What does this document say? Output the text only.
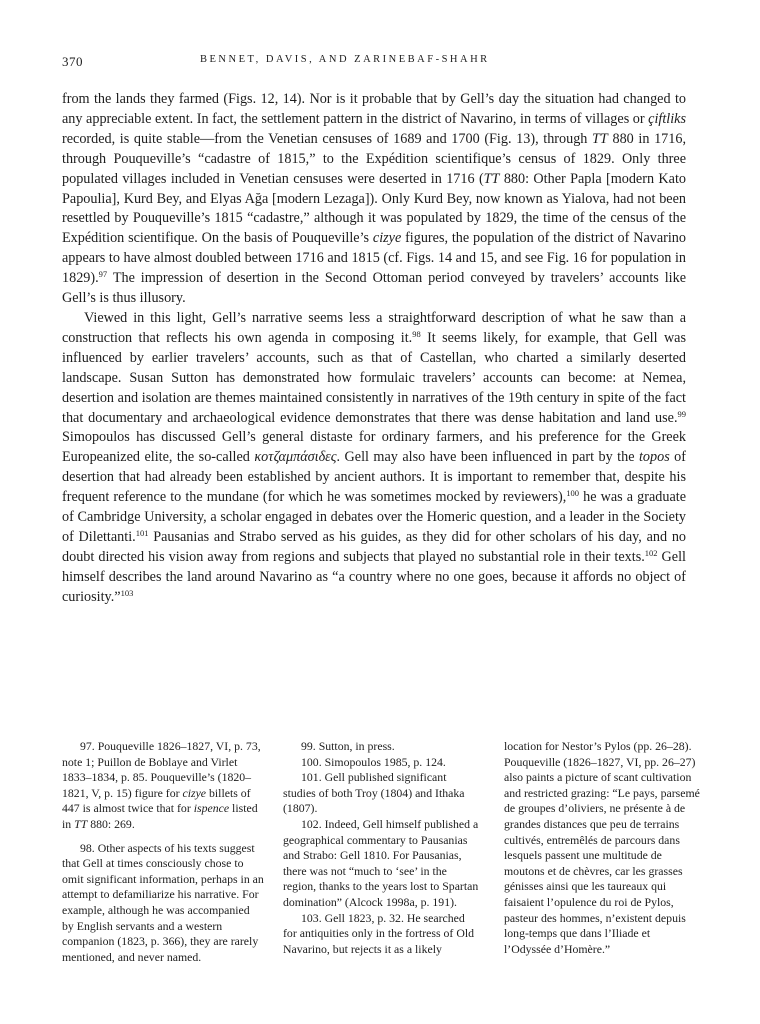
370	BENNET, DAVIS, AND ZARINEBAF-SHAHR

from the lands they farmed (Figs. 12, 14). Nor is it probable that by Gell’s day the situation had changed to any appreciable extent. In fact, the settlement pattern in the district of Navarino, in terms of villages or çiftliks recorded, is quite stable—from the Venetian censuses of 1689 and 1700 (Fig. 13), through TT 880 in 1716, through Pouqueville’s “cadastre of 1815,” to the Expédition scientifique’s census of 1829. Only three populated villages included in Venetian censuses were deserted in 1716 (TT 880: Other Papla [modern Kato Papoulia], Kurd Bey, and Elyas Ağa [modern Lezaga]). Only Kurd Bey, now known as Yialova, had not been resettled by Pouqueville’s 1815 “cadastre,” although it was populated by 1829, the time of the census of the Expédition scientifique. On the basis of Pouqueville’s cizye figures, the population of the district of Navarino appears to have almost doubled between 1716 and 1815 (cf. Figs. 14 and 15, and see Fig. 16 for population in 1829).$^{97}$ The impression of desertion in the Second Ottoman period conveyed by travelers’ accounts like Gell’s is thus illusory.

Viewed in this light, Gell’s narrative seems less a straightforward description of what he saw than a construction that reflects his own agenda in composing it.$^{98}$ It seems likely, for example, that Gell was influenced by earlier travelers’ accounts, such as that of Castellan, who charted a similarly deserted landscape. Susan Sutton has demonstrated how formulaic travelers’ accounts can become: at Nemea, desertion and isolation are themes maintained consistently in narratives of the 19th century in spite of the fact that documentary and archaeological evidence demonstrates that there was dense habitation and land use.$^{99}$ Simopoulos has discussed Gell’s general distaste for ordinary farmers, and his preference for the Greek Europeanized elite, the so-called κοτζαμπάσιδες. Gell may also have been influenced in part by the topos of desertion that had already been established by ancient authors. It is important to remember that, despite his frequent reference to the mundane (for which he was sometimes mocked by reviewers),$^{100}$ he was a graduate of Cambridge University, a scholar engaged in debates over the Homeric question, and a leader in the Society of Dilettanti.$^{101}$ Pausanias and Strabo served as his guides, as they did for other scholars of his day, and no doubt directed his vision away from regions and subjects that played no substantial role in their texts.$^{102}$ Gell himself describes the land around Navarino as “a country where no one goes, because it affords no object of curiosity.”$^{103}$

97. Pouqueville 1826–1827, VI, p. 73, note 1; Puillon de Boblaye and Virlet 1833–1834, p. 85. Pouqueville’s (1820–1821, V, p. 15) figure for cizye billets of 447 is almost twice that for ispence listed in TT 880: 269.

98. Other aspects of his texts suggest that Gell at times consciously chose to omit significant information, perhaps in an attempt to defamiliarize his narrative. For example, although he was accompanied by English servants and a western companion (1823, p. 366), they are rarely mentioned, and never named.

99. Sutton, in press.

100. Simopoulos 1985, p. 124.

101. Gell published significant studies of both Troy (1804) and Ithaka (1807).

102. Indeed, Gell himself published a geographical commentary to Pausanias and Strabo: Gell 1810. For Pausanias, there was not “much to ‘see’ in the region, thanks to the years lost to Spartan domination” (Alcock 1998a, p. 191).

103. Gell 1823, p. 32. He searched for antiquities only in the fortress of Old Navarino, but rejects it as a likely

location for Nestor’s Pylos (pp. 26–28). Pouqueville (1826–1827, VI, pp. 26–27) also paints a picture of scant cultivation and restricted grazing: “Le pays, parsemé de groupes d’oliviers, ne présente à de grandes distances que peu de terrains cultivés, entremêlés de parcours dans lesquels passent une multitude de moutons et de chèvres, car les grasses génisses ainsi que les taureaux qui faisaient l’opulence du roi de Pylos, pasteur des hommes, n’existent depuis long-temps que dans l’Iliade et l’Odyssée d’Homère.”
